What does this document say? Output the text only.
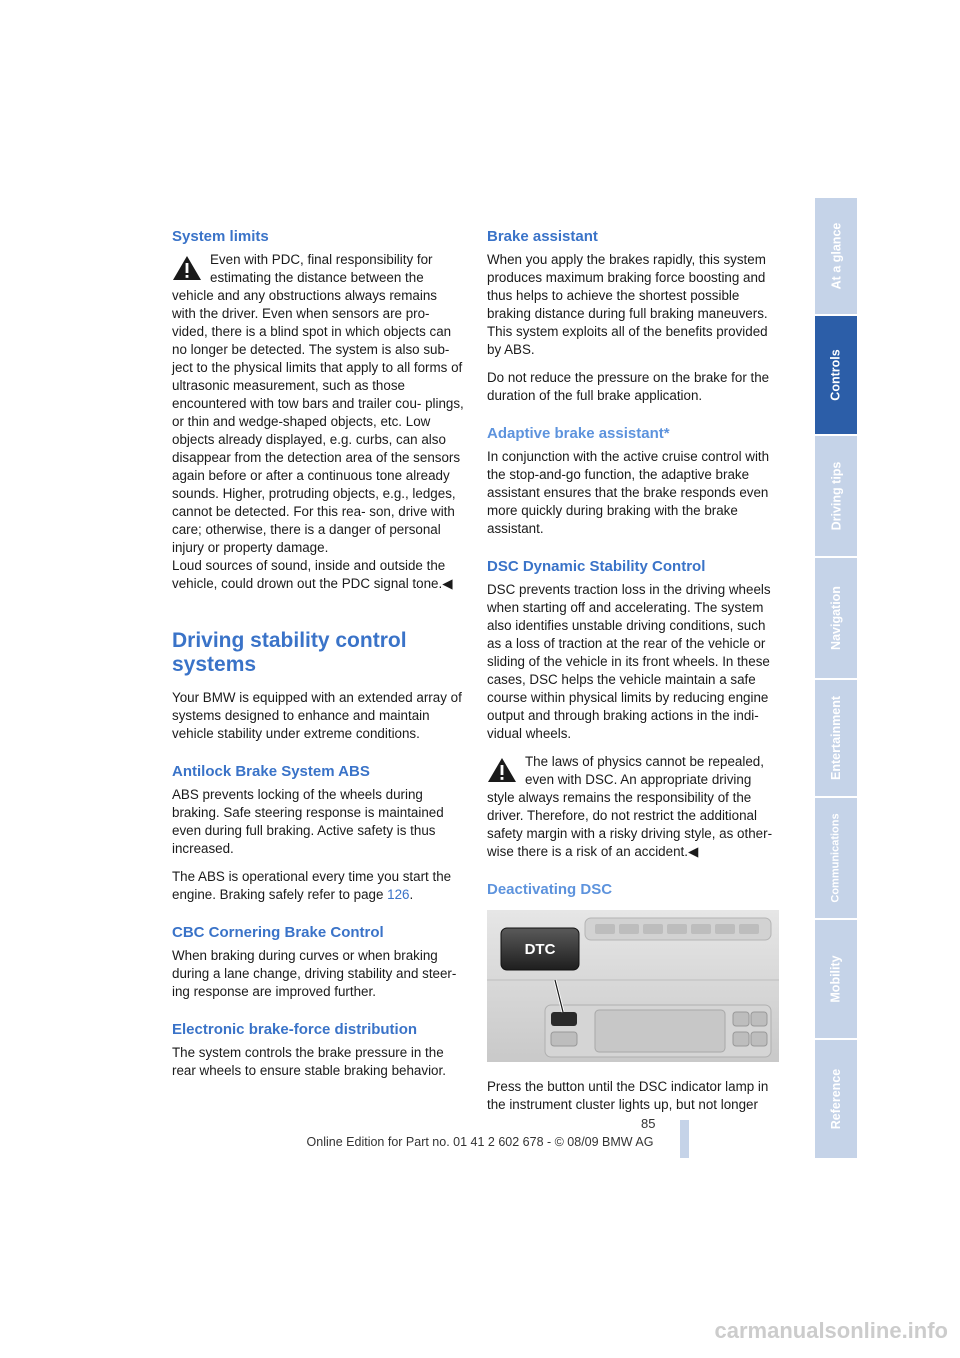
System limits
Even with PDC, final responsibility for estimating the distance between the vehicle and any obstructions always remains with the driver. Even when sensors are pro- vided, there is a blind spot in which objects can no longer be detected. The system is also sub- ject to the physical limits that apply to all forms of ultrasonic measurement, such as those encountered with tow bars and trailer cou- plings, or thin and wedge-shaped objects, etc. Low objects already displayed, e.g. curbs, can also disappear from the detection area of the sensors again before or after a continuous tone already sounds. Higher, protruding objects, e.g., ledges, cannot be detected. For this rea- son, drive with care; otherwise, there is a danger of personal injury or property damage.
Loud sources of sound, inside and outside the vehicle, could drown out the PDC signal tone.◀
Driving stability control systems

Your BMW is equipped with an extended array of systems designed to enhance and maintain vehicle stability under extreme conditions.

Antilock Brake System ABS

ABS prevents locking of the wheels during braking. Safe steering response is maintained even during full braking. Active safety is thus increased.

The ABS is operational every time you start the engine. Braking safely refer to page 126.

CBC Cornering Brake Control

When braking during curves or when braking during a lane change, driving stability and steer- ing response are improved further.

Electronic brake-force distribution

The system controls the brake pressure in the rear wheels to ensure stable braking behavior.

Brake assistant

When you apply the brakes rapidly, this system produces maximum braking force boosting and thus helps to achieve the shortest possible braking distance during full braking maneuvers. This system exploits all of the benefits provided by ABS.

Do not reduce the pressure on the brake for the duration of the full brake application.

Adaptive brake assistant*

In conjunction with the active cruise control with the stop-and-go function, the adaptive brake assistant ensures that the brake responds even more quickly during braking with the brake assistant.

DSC Dynamic Stability Control

DSC prevents traction loss in the driving wheels when starting off and accelerating. The system also identifies unstable driving conditions, such as a loss of traction at the rear of the vehicle or sliding of the vehicle in its front wheels. In these cases, DSC helps the vehicle maintain a safe course within physical limits by reducing engine output and through braking actions in the indi- vidual wheels.

The laws of physics cannot be repealed, even with DSC. An appropriate driving style always remains the responsibility of the driver. Therefore, do not restrict the additional safety margin with a risky driving style, as other- wise there is a risk of an accident.◀
Deactivating DSC
DTC

Press the button until the DSC indicator lamp in the instrument cluster lights up, but not longer

At a glance
Controls
Driving tips
Navigation
Entertainment
Communications
Mobility
Reference
85
Online Edition for Part no. 01 41 2 602 678 - © 08/09 BMW AG
carmanualsonline.info
